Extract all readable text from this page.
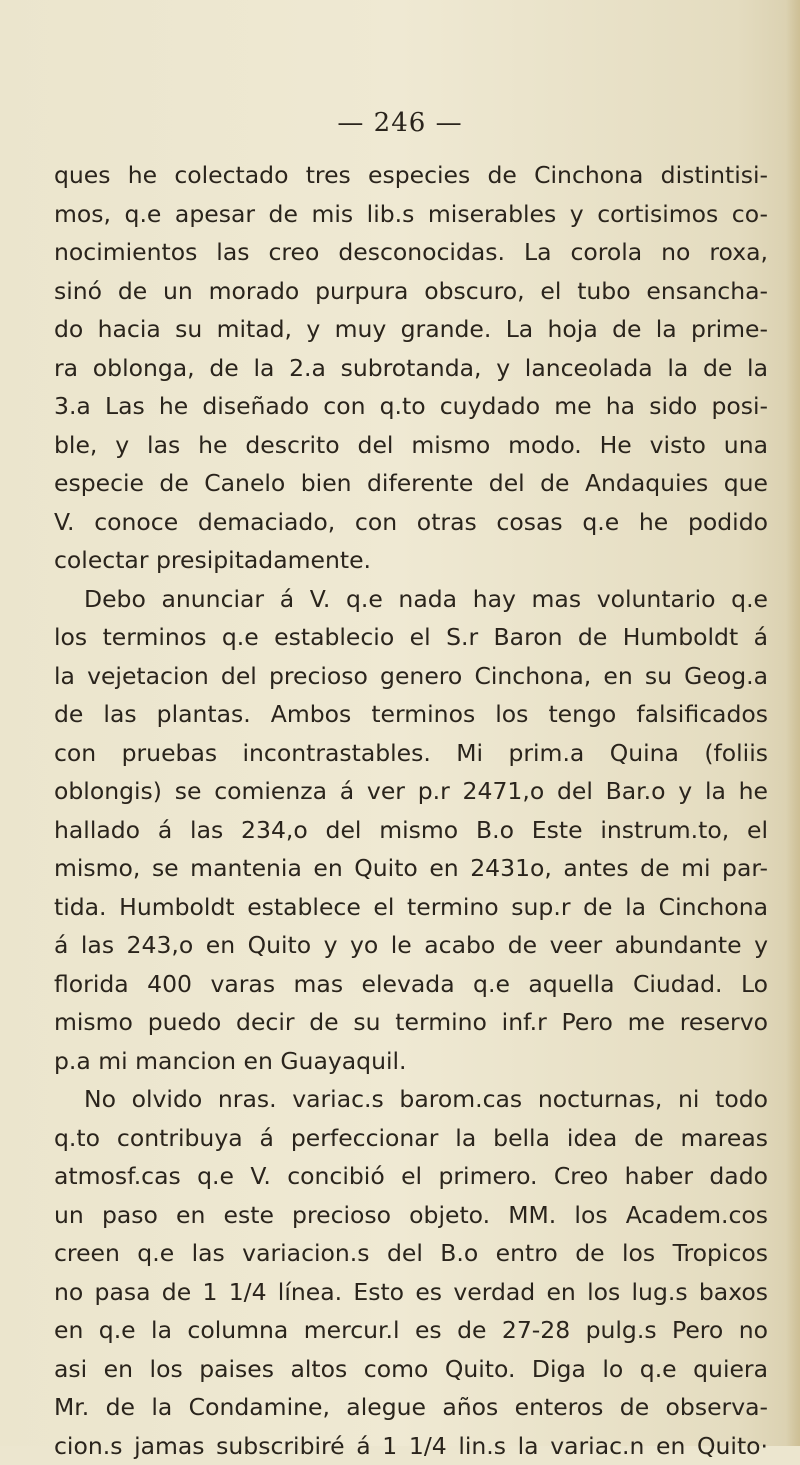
— 246 —
ques he colectado tres especies de Cinchona distintisi-
mos, q.e apesar de mis lib.s miserables y cortisimos co-
nocimientos las creo desconocidas. La corola no roxa,
sinó de un morado purpura obscuro, el tubo ensancha-
do hacia su mitad, y muy grande. La hoja de la prime-
ra oblonga, de la 2.a subrotanda, y lanceolada la de la
3.a Las he diseñado con q.to cuydado me ha sido posi-
ble, y las he descrito del mismo modo. He visto una
especie de Canelo bien diferente del de Andaquies que
V. conoce demaciado, con otras cosas q.e he podido
colectar presipitadamente.
Debo anunciar á V. q.e nada hay mas voluntario q.e
los terminos q.e establecio el S.r Baron de Humboldt á
la vejetacion del precioso genero Cinchona, en su Geog.a
de las plantas. Ambos terminos los tengo falsificados
con pruebas incontrastables. Mi prim.a Quina (foliis
oblongis) se comienza á ver p.r 2471,o del Bar.o y la he
hallado á las 234,o del mismo B.o Este instrum.to, el
mismo, se mantenia en Quito en 2431o, antes de mi par-
tida. Humboldt establece el termino sup.r de la Cinchona
á las 243,o en Quito y yo le acabo de veer abundante y
florida 400 varas mas elevada q.e aquella Ciudad. Lo
mismo puedo decir de su termino inf.r Pero me reservo
p.a mi mancion en Guayaquil.
No olvido nras. variac.s barom.cas nocturnas, ni todo
q.to contribuya á perfeccionar la bella idea de mareas
atmosf.cas q.e V. concibió el primero. Creo haber dado
un paso en este precioso objeto. MM. los Academ.cos
creen q.e las variacion.s del B.o entro de los Tropicos
no pasa de 1 1/4 línea. Esto es verdad en los lug.s baxos
en q.e la columna mercur.l es de 27-28 pulg.s Pero no
asi en los paises altos como Quito. Diga lo q.e quiera
Mr. de la Condamine, alegue años enteros de observa-
cion.s jamas subscribiré á 1 1/4 lin.s la variac.n en Quito·
